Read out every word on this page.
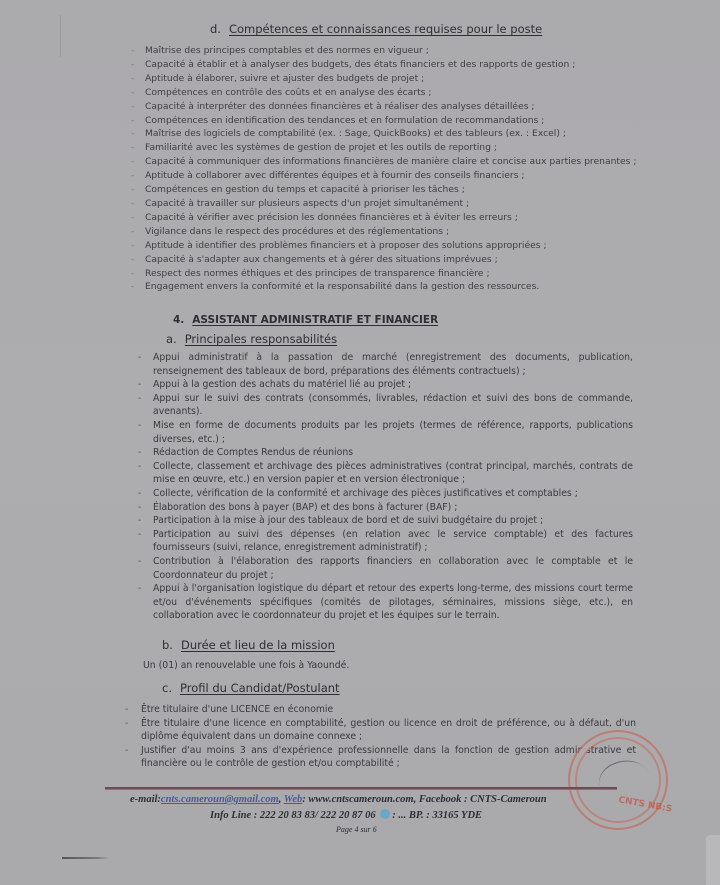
d. Compétences et connaissances requises pour le poste
- Maîtrise des principes comptables et des normes en vigueur ;
- Capacité à établir et à analyser des budgets, des états financiers et des rapports de gestion ;
- Aptitude à élaborer, suivre et ajuster des budgets de projet ;
- Compétences en contrôle des coûts et en analyse des écarts ;
- Capacité à interpréter des données financières et à réaliser des analyses détaillées ;
- Compétences en identification des tendances et en formulation de recommandations ;
- Maîtrise des logiciels de comptabilité (ex. : Sage, QuickBooks) et des tableurs (ex. : Excel) ;
- Familiarité avec les systèmes de gestion de projet et les outils de reporting ;
- Capacité à communiquer des informations financières de manière claire et concise aux parties prenantes ;
- Aptitude à collaborer avec différentes équipes et à fournir des conseils financiers ;
- Compétences en gestion du temps et capacité à prioriser les tâches ;
- Capacité à travailler sur plusieurs aspects d'un projet simultanément ;
- Capacité à vérifier avec précision les données financières et à éviter les erreurs ;
- Vigilance dans le respect des procédures et des réglementations ;
- Aptitude à identifier des problèmes financiers et à proposer des solutions appropriées ;
- Capacité à s'adapter aux changements et à gérer des situations imprévues ;
- Respect des normes éthiques et des principes de transparence financière ;
- Engagement envers la conformité et la responsabilité dans la gestion des ressources.
4. ASSISTANT ADMINISTRATIF ET FINANCIER
a. Principales responsabilités
- Appui administratif à la passation de marché (enregistrement des documents, publication, renseignement des tableaux de bord, préparations des éléments contractuels) ;
- Appui à la gestion des achats du matériel lié au projet ;
- Appui sur le suivi des contrats (consommés, livrables, rédaction et suivi des bons de commande, avenants).
- Mise en forme de documents produits par les projets (termes de référence, rapports, publications diverses, etc.) ;
- Rédaction de Comptes Rendus de réunions
- Collecte, classement et archivage des pièces administratives (contrat principal, marchés, contrats de mise en œuvre, etc.) en version papier et en version électronique ;
- Collecte, vérification de la conformité et archivage des pièces justificatives et comptables ;
- Élaboration des bons à payer (BAP) et des bons à facturer (BAF) ;
- Participation à la mise à jour des tableaux de bord et de suivi budgétaire du projet ;
- Participation au suivi des dépenses (en relation avec le service comptable) et des factures fournisseurs (suivi, relance, enregistrement administratif) ;
- Contribution à l'élaboration des rapports financiers en collaboration avec le comptable et le Coordonnateur du projet ;
- Appui à l'organisation logistique du départ et retour des experts long-terme, des missions court terme et/ou d'événements spécifiques (comités de pilotages, séminaires, missions siège, etc.), en collaboration avec le coordonnateur du projet et les équipes sur le terrain.
b. Durée et lieu de la mission
Un (01) an renouvelable une fois à Yaoundé.
c. Profil du Candidat/Postulant
- Être titulaire d'une LICENCE en économie
- Être titulaire d'une licence en comptabilité, gestion ou licence en droit de préférence, ou à défaut, d'un diplôme équivalent dans un domaine connexe ;
- Justifier d'au moins 3 ans d'expérience professionnelle dans la fonction de gestion administrative et financière ou le contrôle de gestion et/ou comptabilité ;
CNTS NB:S
e-mail:cnts.cameroun@gmail.com, Web: www.cntscameroun.com, Facebook : CNTS-Cameroun
Info Line : 222 20 83 83/ 222 20 87 06 : ... BP. : 33165 YDE
Page 4 sur 6
